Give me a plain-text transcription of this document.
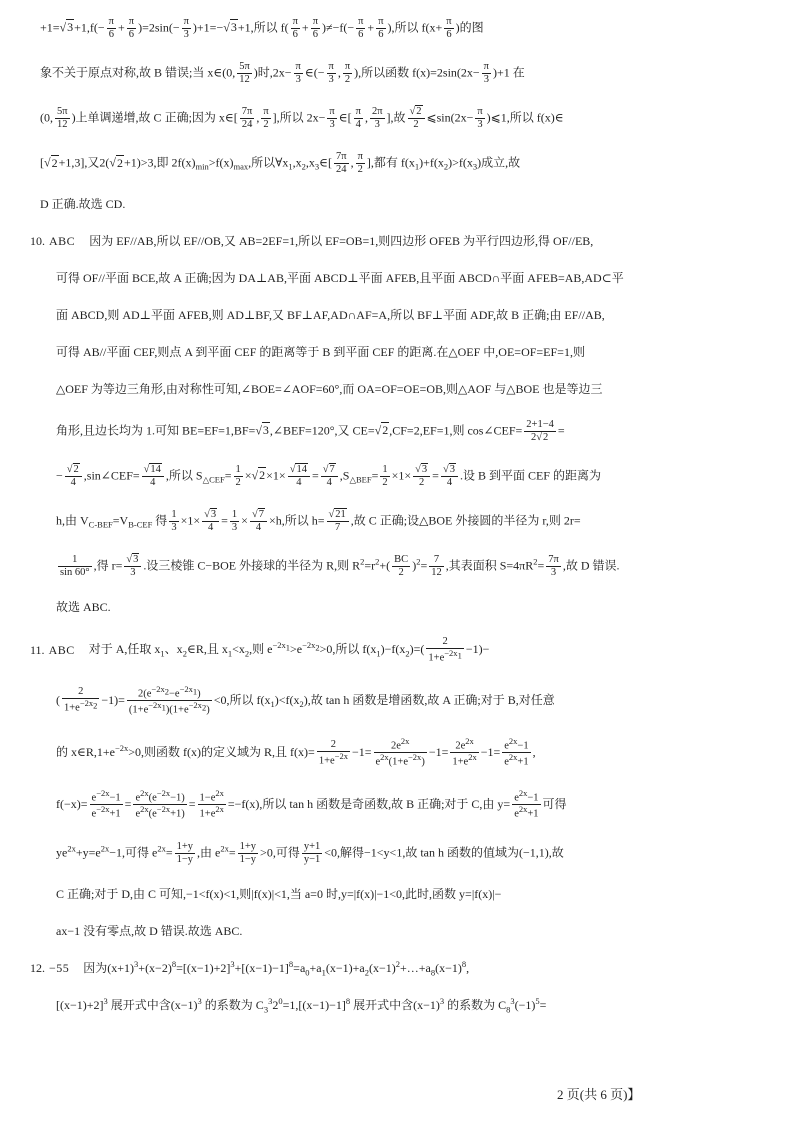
$+1=√3+1,f(- \frac{\pi}{6} + \frac{\pi}{6} )=2\sin(- \frac{\pi}{3} )+1=-√3+1$,所以 $f( \frac{\pi}{6} + \frac{\pi}{6} )\ne-f(- \frac{\pi}{6} + \frac{\pi}{6}$ ),所以 $f(x+ \frac{\pi}{6}$ )的图
象不关于原点对称,故 B 错误;当 x∈(0, $\frac{5\pi}{12}$ )时$,2x- \frac{\pi}{3}$ ∈(− $\frac{\pi}{3}$ , $\frac{\pi}{2}$ ),所以函数 $f(x)=2\sin(2x- \frac{\pi}{3} )+1$ 在
(0, $\frac{5\pi}{12}$ )上单调递增,故 C 正确;因为 x∈[ $\frac{7\pi}{24}$ , $\frac{\pi}{2}$ ],所以 $2x- \frac{\pi}{3}$ ∈[ $\frac{\pi}{4}$ , $\frac{2\pi}{3}$ ],故 $\frac{√2}{2}$ ⩽sin(2x− $\frac{\pi}{3}$ )⩽1,所以 f(x)∈
[√2+1,3],又2(√2+1)>3,即 $2f(x)_{min}>f(x)_{max}$,所以$\forall x_1,x_2,x_3\in[ \frac{7\pi}{24}$ , $\frac{\pi}{2}$ ],都有 $f(x_1)+f(x_2)>f(x_3)$成立,故
D 正确.故选 CD.
10. ABC 因为 EF//AB,所以 EF//OB,又 AB=2EF=1,所以 EF=OB=1,则四边形 OFEB 为平行四边形,得 OF//EB,
可得 OF//平面 BCE,故 A 正确;因为 DA⊥AB,平面 ABCD⊥平面 AFEB,且平面 ABCD∩平面 AFEB=AB,AD⊂平
面 ABCD,则 AD⊥平面 AFEB,则 AD⊥BF,又 BF⊥AF,AD∩AF=A,所以 BF⊥平面 ADF,故 B 正确;由 EF//AB,
可得 AB//平面 CEF,则点 A 到平面 CEF 的距离等于 B 到平面 CEF 的距离.在△OEF 中,OE=OF=EF=1,则
△OEF 为等边三角形,由对称性可知,∠BOE=∠AOF=60°,而 OA=OF=OE=OB,则△AOF 与△BOE 也是等边三
角形,且边长均为 1.可知 BE=EF=1,BF=√3,∠BEF=120°,又 CE=√2,CF=2,EF=1,则 cos∠CEF= $\frac{2+1-4}{2√2}$ =
− $\frac{√2}{4}$ ,sin∠CEF= $\frac{√14}{4}$ ,所以 $S_{\triangle CEF}= \frac{1}{2} \times√2\times 1\times \frac{√14}{4} = \frac{√7}{4} ,S_{\triangle BEF}= \frac{1}{2} \times 1\times \frac{√3}{2} = \frac{√3}{4}$ .设 B 到平面 CEF 的距离为
h,由 $V_{C-BEF}=V_{B-CEF}$ 得 $\frac{1}{3} \times 1\times \frac{√3}{4} = \frac{1}{3} \times \frac{√7}{4} \times h$,所以 $h= \frac{√21}{7}$ ,故 C 正确;设△BOE 外接圆的半径为 r,则 2r=
$\frac{1}{\sin 60^\circ}$ ,得 $r= \frac{√3}{3}$ .设三棱锥 C−BOE 外接球的半径为 R,则 $R^2=r^2+( \frac{BC}{2} )^2= \frac{7}{12}$ ,其表面积 $S=4\pi R^2= \frac{7\pi}{3}$ ,故 D 错误.
故选 ABC.
11. ABC 对于 A,任取 $x_1$、$x_2\in R$,且 $x_1<x_2$,则 $e^{-2x_1}>e^{-2x_2}>0$,所以 $f(x_1)-f(x_2)=( \frac{2}{1+e^{-2x_1}} -1)-$
( $\frac{2}{1+e^{-2x_2}} -1)= \frac{2(e^{-2x_2}-e^{-2x_1})}{(1+e^{-2x_1})(1+e^{-2x_2})} <0$,所以 $f(x_1)<f(x_2)$,故 tan h 函数是增函数,故 A 正确;对于 B,对任意
的 $x\in R,1+e^{-2x}>0$,则函数 f(x)的定义域为 R,且 $f(x)= \frac{2}{1+e^{-2x}} -1= \frac{2e^{2x}}{e^{2x}(1+e^{-2x})} -1= \frac{2e^{2x}}{1+e^{2x}} -1= \frac{e^{2x}-1}{e^{2x}+1}$ ,
$f(-x)= \frac{e^{-2x}-1}{e^{-2x}+1} = \frac{e^{2x}(e^{-2x}-1)}{e^{2x}(e^{-2x}+1)} = \frac{1-e^{2x}}{1+e^{2x}} =-f(x)$,所以 tan h 函数是奇函数,故 B 正确;对于 C,由 $y= \frac{e^{2x}-1}{e^{2x}+1}$ 可得
$ye^{2x}+y=e^{2x}-1$,可得 $e^{2x}= \frac{1+y}{1-y}$ ,由 $e^{2x}= \frac{1+y}{1-y} >0$,可得 $\frac{y+1}{y-1} <0$,解得−1<y<1,故 tan h 函数的值域为(−1,1),故
C 正确;对于 D,由 C 可知,−1<f(x)<1,则|f(x)|<1,当 a=0 时,y=|f(x)|−1<0,此时,函数 y=|f(x)|−
ax−1 没有零点,故 D 错误.故选 ABC.
12. −55 因为$(x+1)^3+(x-2)^8=[(x-1)+2]^3+[(x-1)-1]^8=a_0+a_1(x-1)+a_2(x-1)^2+\dots+a_8(x-1)^8$,
$[(x-1)+2]^3$ 展开式中含$(x-1)^3$ 的系数为 $C_3^32^0=1,[(x-1)-1]^8$ 展开式中含$(x-1)^3$ 的系数为 $C_8^3(-1)^5=$
2 页(共 6 页)】
